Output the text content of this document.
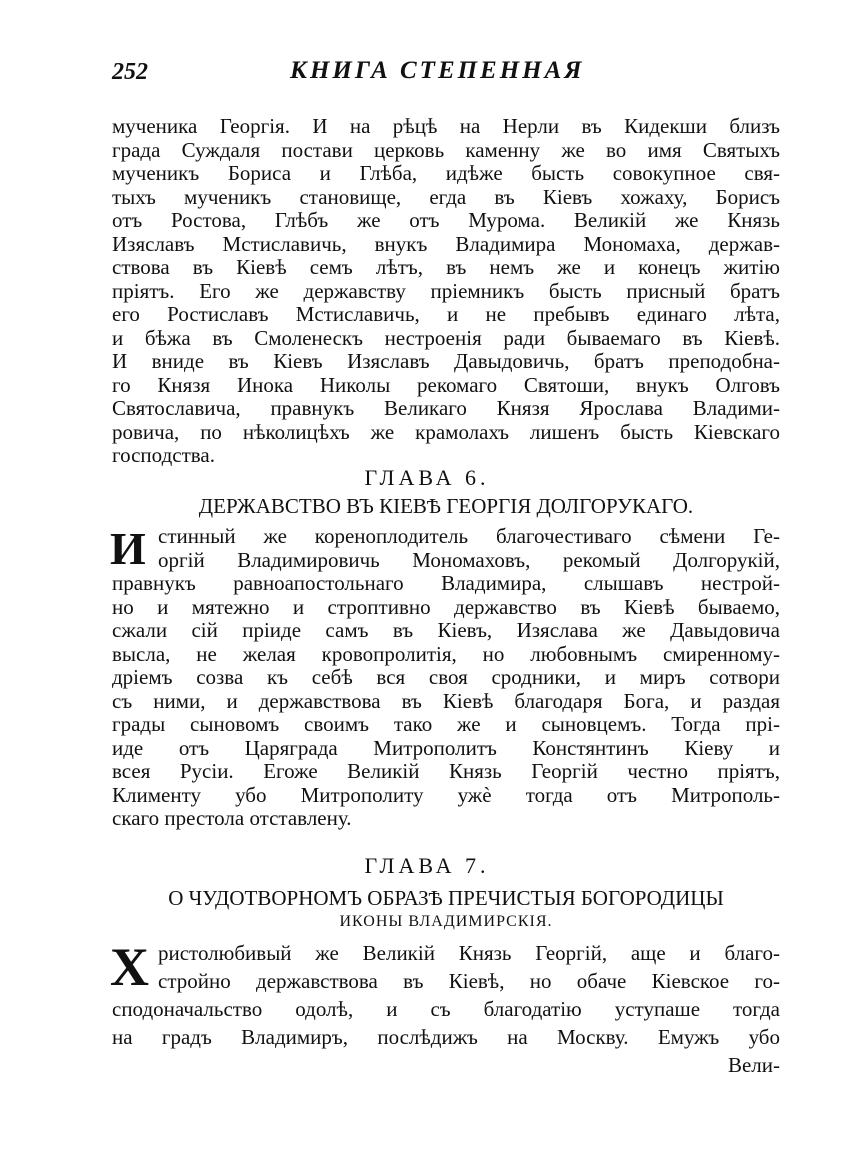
252	КНИГА СТЕПЕННАЯ
мученика Георгія. И на рѣцѣ на Нерли въ Кидекши близъ
града Суждаля постави церковь каменну же во имя Святыхъ
мученикъ Бориса и Глѣба, идѣже бысть совокупное свя-
тыхъ мученикъ становище, егда въ Кіевъ хожаху, Борисъ
отъ Ростова, Глѣбъ же отъ Мурома. Великій же Князь
Изяславъ Мстиславичь, внукъ Владимира Мономаха, держав-
ствова въ Кіевѣ семъ лѣтъ, въ немъ же и конецъ житію
пріятъ. Его же державству пріемникъ бысть присный братъ
его Ростиславъ Мстиславичь, и не пребывъ единаго лѣта,
и бѣжа въ Смоленескъ нестроенія ради бываемаго въ Кіевѣ.
И вниде въ Кіевъ Изяславъ Давыдовичь, братъ преподобна-
го Князя Инока Николы рекомаго Святоши, внукъ Олговъ
Святославича, правнукъ Великаго Князя Ярослава Владими-
ровича, по нѣколицѣхъ же крамолахъ лишенъ бысть Кіевскаго
господства.
ГЛАВА 6.
ДЕРЖАВСТВО ВЪ КІЕВѢ ГЕОРГІЯ ДОЛГОРУКАГО.
И стинный же коренoплодитель благочестиваго сѣмени Ге-
оргій Владимировичь Мономаховъ, рекомый Долгорукій,
правнукъ равноапостольнаго Владимира, слышавъ нестрой-
но и мятежно и строптивно державство въ Кіевѣ бываемо,
сжали сій пріиде самъ въ Кіевъ, Изяслава же Давыдовича
высла, не желая кровопролитія, но любовнымъ смиренному-
дріемъ созва къ себѣ вся своя сродники, и миръ сотвори
съ ними, и державствова въ Кіевѣ благодаря Бога, и раздая
грады сыновомъ своимъ тако же и сыновцемъ. Тогда прі-
иде отъ Царяграда Митрополитъ Констянтинъ Кіеву и
всея Русіи. Егоже Великій Князь Георгій честно пріятъ,
Клименту убо Митрополиту ужѐ тогда отъ Митрополь-
скаго престола отставлену.
ГЛАВА 7.
О ЧУДОТВОРНОМЪ ОБРАЗѢ ПРЕЧИСТЫЯ БОГОРОДИЦЫ
ИКОНЫ ВЛАДИМИРСКІЯ.
Х ристолюбивый же Великій Князь Георгій, аще и благо-
стройно державствова въ Кіевѣ, но обаче Кіевское го-
сподоначальство одолѣ, и съ благодатію уступаше тогда
на градъ Владимиръ, послѣдижъ на Москву. Емужъ убо
Вели-
